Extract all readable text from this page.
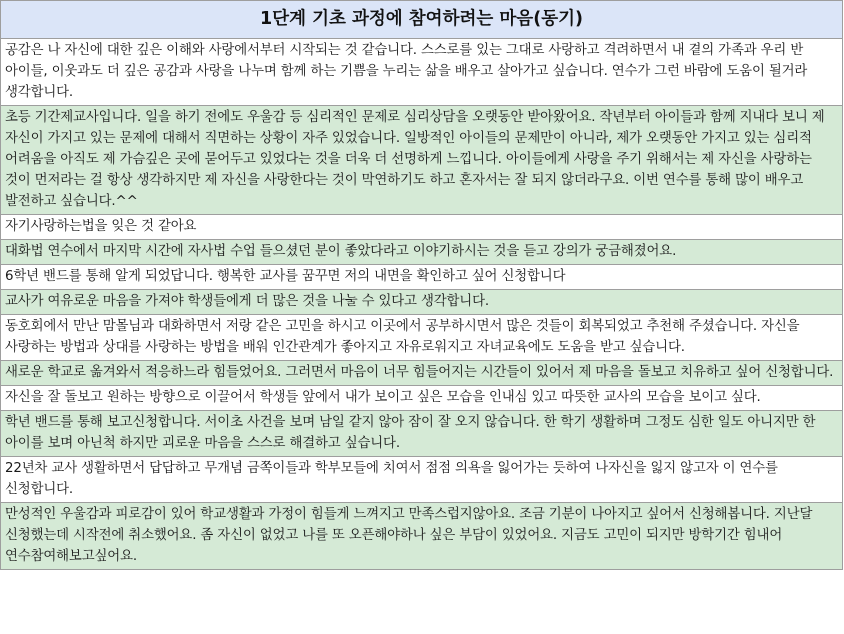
1단계 기초 과정에 참여하려는 마음(동기)
공감은 나 자신에 대한 깊은 이해와 사랑에서부터 시작되는 것 같습니다. 스스로를 있는 그대로 사랑하고 격려하면서 내 곁의 가족과 우리 반 아이들, 이웃과도 더 깊은 공감과 사랑을 나누며 함께 하는 기쁨을 누리는 삶을 배우고 살아가고 싶습니다. 연수가 그런 바람에 도움이 될거라 생각합니다.
초등 기간제교사입니다. 일을 하기 전에도 우울감 등 심리적인 문제로 심리상담을 오랫동안 받아왔어요. 작년부터 아이들과 함께 지내다 보니 제 자신이 가지고 있는 문제에 대해서 직면하는 상황이 자주 있었습니다. 일방적인 아이들의 문제만이 아니라, 제가 오랫동안 가지고 있는 심리적 어려움을 아직도 제 가슴깊은 곳에 묻어두고 있었다는 것을 더욱 더 선명하게 느낍니다. 아이들에게 사랑을 주기 위해서는 제 자신을 사랑하는 것이 먼저라는 걸 항상 생각하지만 제 자신을 사랑한다는 것이 막연하기도 하고 혼자서는 잘 되지 않더라구요. 이번 연수를 통해 많이 배우고 발전하고 싶습니다.^^
자기사랑하는법을 잊은 것 같아요
대화법 연수에서 마지막 시간에 자사법 수업 들으셨던 분이 좋았다라고 이야기하시는 것을 듣고 강의가 궁금해졌어요.
6학년 밴드를 통해 알게 되었답니다. 행복한 교사를 꿈꾸면 저의 내면을 확인하고 싶어 신청합니다
교사가 여유로운 마음을 가져야 학생들에게 더 많은 것을 나눌 수 있다고 생각합니다.
동호회에서 만난 맘몰님과 대화하면서 저랑 같은 고민을 하시고 이곳에서 공부하시면서 많은 것들이 회복되었고 추천해 주셨습니다. 자신을 사랑하는 방법과 상대를 사랑하는 방법을 배워 인간관계가 좋아지고 자유로워지고 자녀교육에도 도움을 받고 싶습니다.
새로운 학교로 옮겨와서 적응하느라 힘들었어요. 그러면서 마음이 너무 힘들어지는 시간들이 있어서 제 마음을 돌보고 치유하고 싶어 신청합니다.
자신을 잘 돌보고 원하는 방향으로 이끌어서 학생들 앞에서 내가 보이고 싶은 모습을 인내심 있고 따뜻한 교사의 모습을 보이고 싶다.
학년 밴드를 통해 보고신청합니다. 서이초 사건을 보며 남일 같지 않아 잠이 잘 오지 않습니다. 한 학기 생활하며 그정도 심한 일도 아니지만 한 아이를 보며 아닌척 하지만 괴로운 마음을 스스로 해결하고 싶습니다.
22년차 교사 생활하면서 답답하고 무개념 금쪽이들과 학부모들에 치여서 점점 의욕을 잃어가는 듯하여 나자신을 잃지 않고자 이 연수를 신청합니다.
만성적인 우울감과 피로감이 있어 학교생활과 가정이 힘들게 느껴지고 만족스럽지않아요. 조금 기분이 나아지고 싶어서 신청해봅니다. 지난달 신청했는데 시작전에 취소했어요. 좀 자신이 없었고 나를 또 오픈해야하나 싶은 부담이 있었어요. 지금도 고민이 되지만 방학기간 힘내어 연수참여해보고싶어요.
